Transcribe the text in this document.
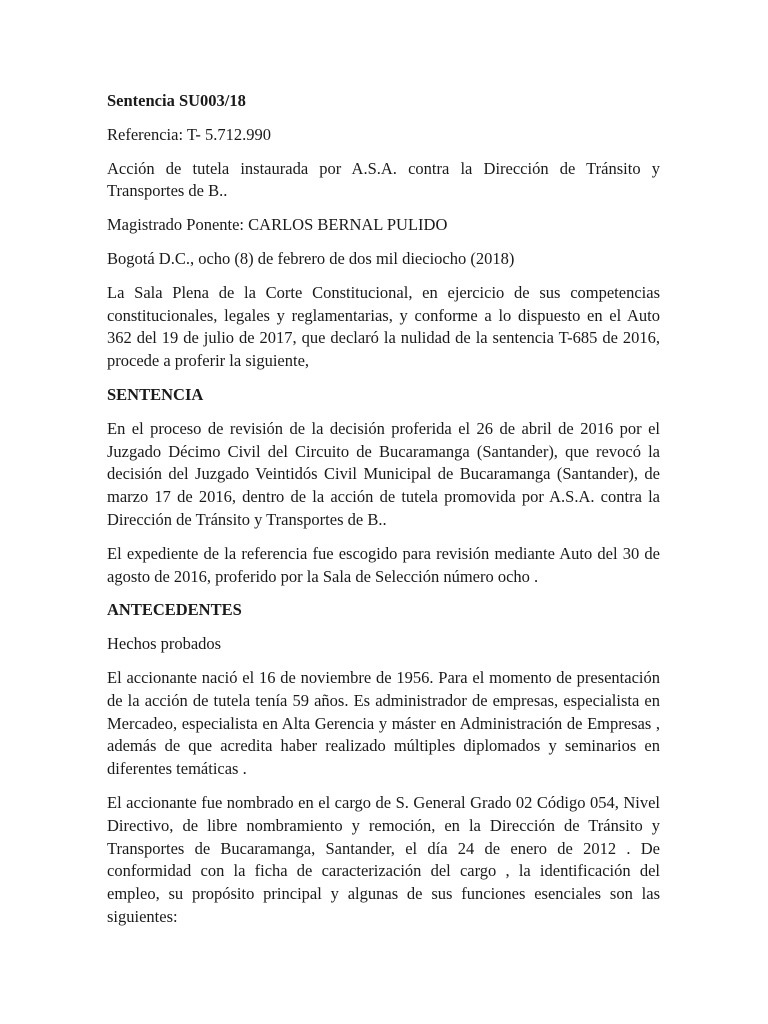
Sentencia SU003/18

Referencia: T- 5.712.990

Acción de tutela instaurada por A.S.A. contra la Dirección de Tránsito y Transportes de B..

Magistrado Ponente: CARLOS BERNAL PULIDO

Bogotá D.C., ocho (8) de febrero de dos mil dieciocho (2018)

La Sala Plena de la Corte Constitucional, en ejercicio de sus competencias constitucionales, legales y reglamentarias, y conforme a lo dispuesto en el Auto 362 del 19 de julio de 2017, que declaró la nulidad de la sentencia T-685 de 2016, procede a proferir la siguiente,

SENTENCIA

En el proceso de revisión de la decisión proferida el 26 de abril de 2016 por el Juzgado Décimo Civil del Circuito de Bucaramanga (Santander), que revocó la decisión del Juzgado Veintidós Civil Municipal de Bucaramanga (Santander), de marzo 17 de 2016, dentro de la acción de tutela promovida por A.S.A. contra la Dirección de Tránsito y Transportes de B..

El expediente de la referencia fue escogido para revisión mediante Auto del 30 de agosto de 2016, proferido por la Sala de Selección número ocho .

ANTECEDENTES

Hechos probados

El accionante nació el 16 de noviembre de 1956. Para el momento de presentación de la acción de tutela tenía 59 años. Es administrador de empresas, especialista en Mercadeo, especialista en Alta Gerencia y máster en Administración de Empresas , además de que acredita haber realizado múltiples diplomados y seminarios en diferentes temáticas .

El accionante fue nombrado en el cargo de S. General Grado 02 Código 054, Nivel Directivo, de libre nombramiento y remoción, en la Dirección de Tránsito y Transportes de Bucaramanga, Santander, el día 24 de enero de 2012 . De conformidad con la ficha de caracterización del cargo , la identificación del empleo, su propósito principal y algunas de sus funciones esenciales son las siguientes:
